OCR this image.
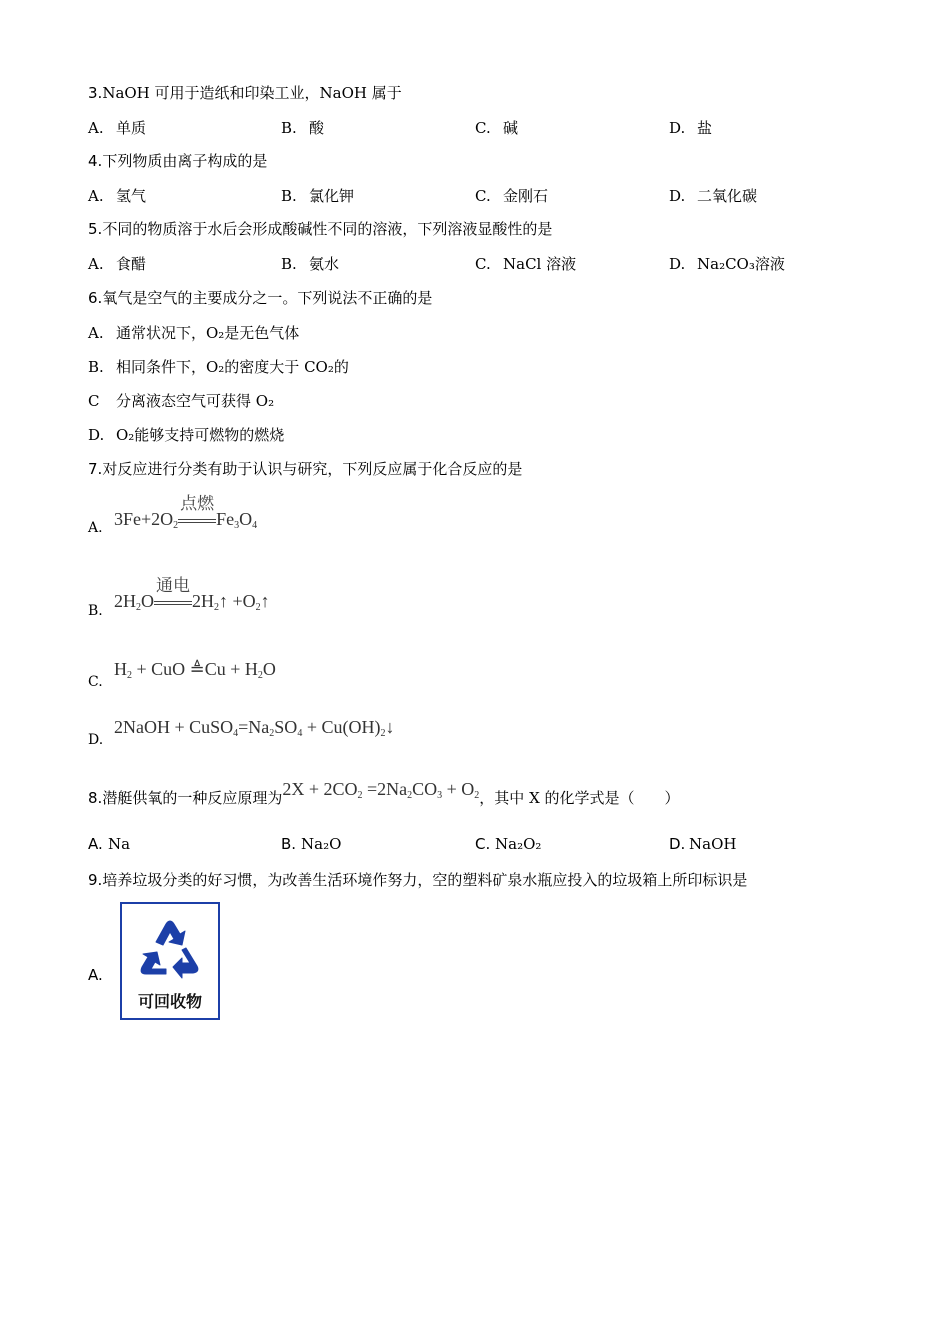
3.NaOH 可用于造纸和印染工业，NaOH 属于
A. 单质	B. 酸	C. 碱	D. 盐
4.下列物质由离子构成的是
A. 氢气	B. 氯化钾	C. 金刚石	D. 二氧化碳
5.不同的物质溶于水后会形成酸碱性不同的溶液，下列溶液显酸性的是
A. 食醋	B. 氨水	C. NaCl 溶液	D. Na₂CO₃溶液
6.氧气是空气的主要成分之一。下列说法不正确的是
A. 通常状况下，O₂是无色气体
B. 相同条件下，O₂的密度大于 CO₂的
C 分离液态空气可获得 O₂
D. O₂能够支持可燃物的燃烧
7.对反应进行分类有助于认识与研究，下列反应属于化合反应的是
A. $3Fe+2O_2$
点燃
$Fe_3O_4$
B. $2H_2O$
通电
$2H_2↑$ $+O_2↑$
C.
$H_2$ + CuO ≜Cu + $H_2O$
D.
2NaOH + $CuSO_4=Na_2SO_4$ + $Cu(OH)_2↓$
8.潜艇供氧的一种反应原理为$2X + 2CO_2 =2Na_2CO_3 + O_2$，其中 X 的化学式是（　　）
A. Na	B. Na₂O	C. Na₂O₂	D. NaOH
9.培养垃圾分类的好习惯，为改善生活环境作努力，空的塑料矿泉水瓶应投入的垃圾箱上所印标识是
A.
可回收物
